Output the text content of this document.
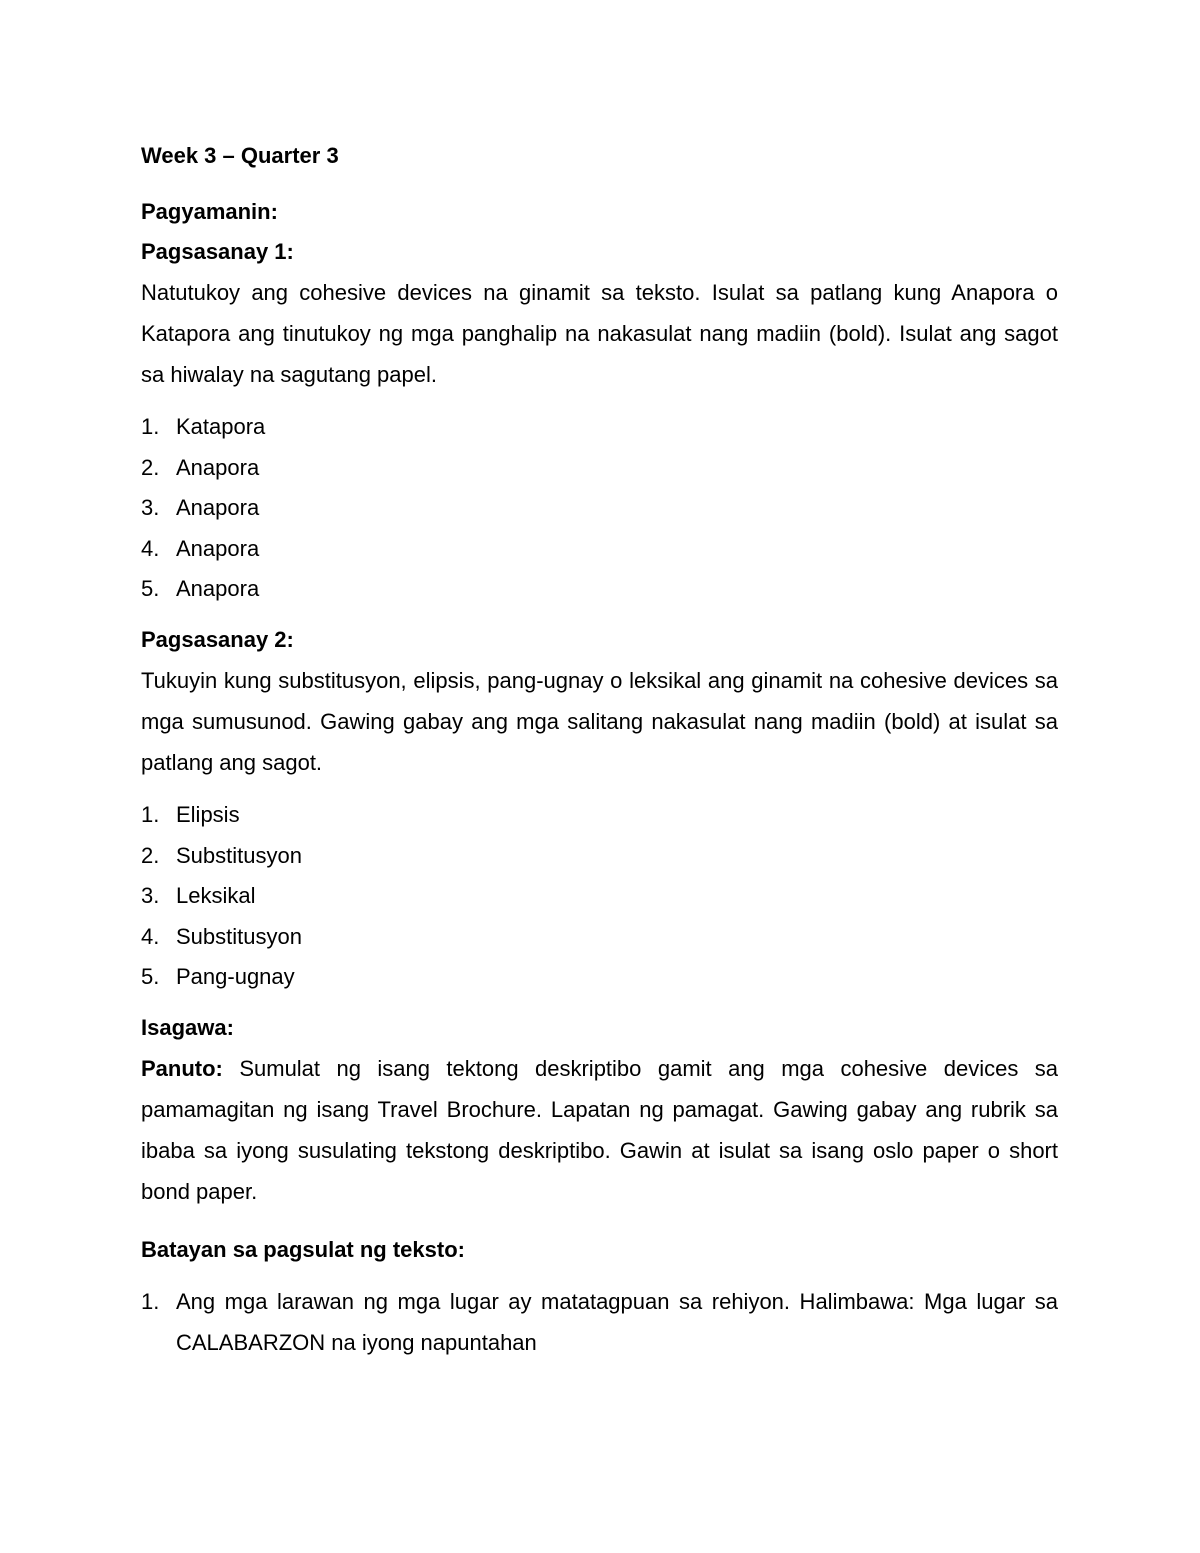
Week 3 – Quarter 3
Pagyamanin:
Pagsasanay 1:

Natutukoy ang cohesive devices na ginamit sa teksto. Isulat sa patlang kung Anapora o Katapora ang tinutukoy ng mga panghalip na nakasulat nang madiin (bold). Isulat ang sagot sa hiwalay na sagutang papel.

1. Katapora
2. Anapora
3. Anapora
4. Anapora
5. Anapora
Pagsasanay 2:

Tukuyin kung substitusyon, elipsis, pang-ugnay o leksikal ang ginamit na cohesive devices sa mga sumusunod. Gawing gabay ang mga salitang nakasulat nang madiin (bold) at isulat sa patlang ang sagot.

1. Elipsis
2. Substitusyon
3. Leksikal
4. Substitusyon
5. Pang-ugnay
Isagawa:

Panuto: Sumulat ng isang tektong deskriptibo gamit ang mga cohesive devices sa pamamagitan ng isang Travel Brochure. Lapatan ng pamagat. Gawing gabay ang rubrik sa ibaba sa iyong susulating tekstong deskriptibo. Gawin at isulat sa isang oslo paper o short bond paper.

Batayan sa pagsulat ng teksto:
1. Ang mga larawan ng mga lugar ay matatagpuan sa rehiyon. Halimbawa: Mga lugar sa CALABARZON na iyong napuntahan
